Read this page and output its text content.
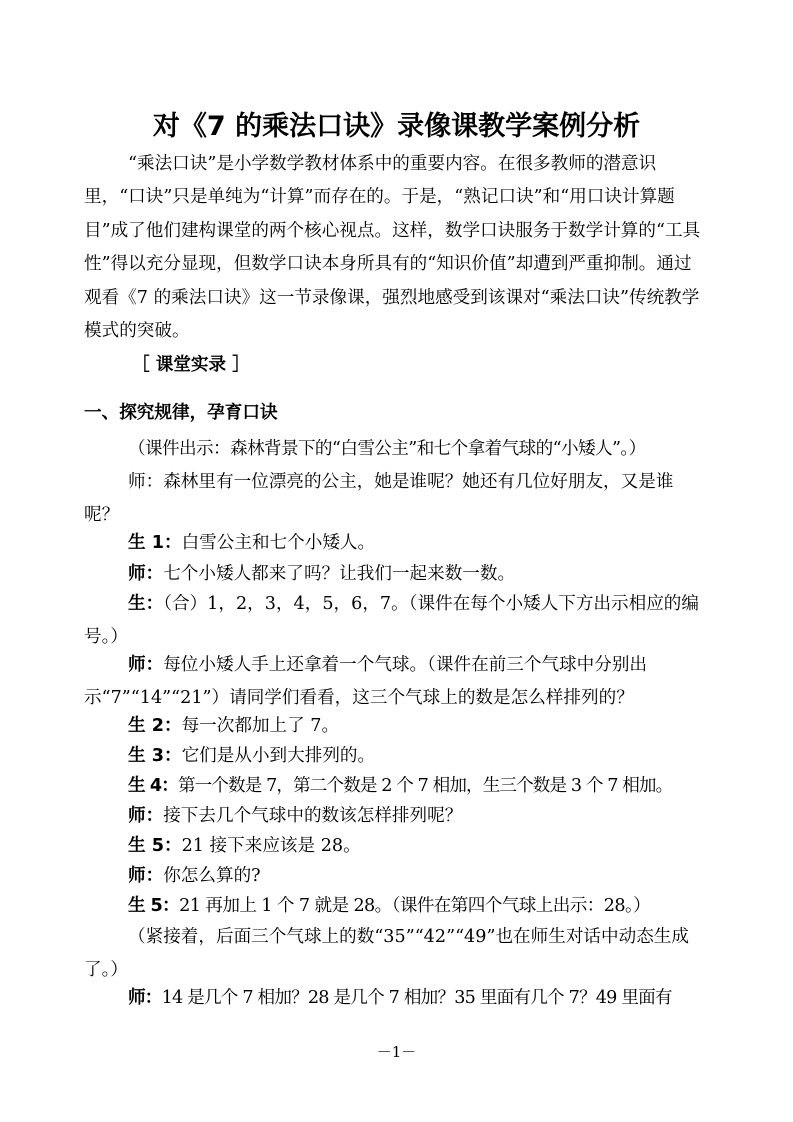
对《7 的乘法口诀》录像课教学案例分析

“乘法口诀”是小学数学教材体系中的重要内容。在很多教师的潜意识里，“口诀”只是单纯为“计算”而存在的。于是，“熟记口诀”和“用口诀计算题目”成了他们建构课堂的两个核心视点。这样，数学口诀服务于数学计算的“工具性”得以充分显现，但数学口诀本身所具有的“知识价值”却遭到严重抑制。通过观看《7 的乘法口诀》这一节录像课，强烈地感受到该课对“乘法口诀”传统教学模式的突破。

［ 课堂实录 ］

一、探究规律，孕育口诀

（课件出示：森林背景下的“白雪公主”和七个拿着气球的“小矮人”。）

师：森林里有一位漂亮的公主，她是谁呢？她还有几位好朋友，又是谁呢？

生 1：白雪公主和七个小矮人。

师：七个小矮人都来了吗？让我们一起来数一数。

生：（合）1，2，3，4，5，6，7。（课件在每个小矮人下方出示相应的编号。）

师：每位小矮人手上还拿着一个气球。（课件在前三个气球中分别出示“7”“14”“21”）请同学们看看，这三个气球上的数是怎么样排列的？

生 2：每一次都加上了 7。

生 3：它们是从小到大排列的。

生 4：第一个数是 7，第二个数是 2 个 7 相加，生三个数是 3 个 7 相加。

师：接下去几个气球中的数该怎样排列呢？

生 5：21 接下来应该是 28。

师：你怎么算的?

生 5：21 再加上 1 个 7 就是 28。（课件在第四个气球上出示：28。）

（紧接着，后面三个气球上的数“35”“42”“49”也在师生对话中动态生成了。）

师：14 是几个 7 相加？28 是几个 7 相加？35 里面有几个 7？49 里面有

－1－
